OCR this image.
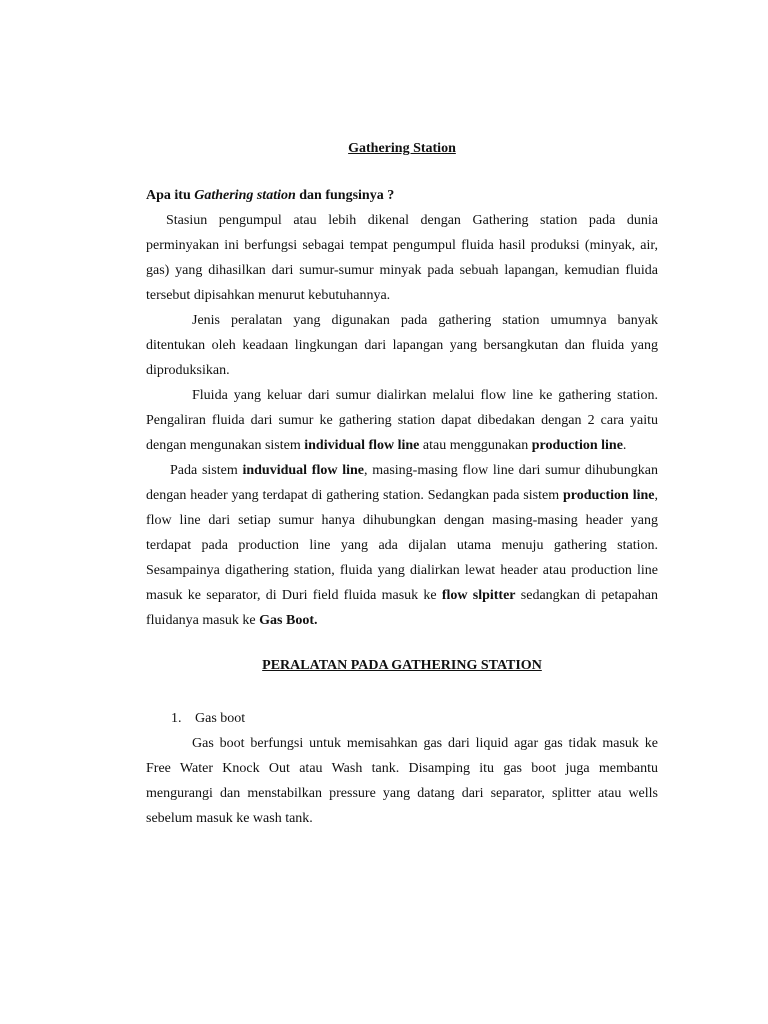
Gathering Station
Apa itu Gathering station dan fungsinya ?

Stasiun pengumpul atau lebih dikenal dengan Gathering station pada dunia perminyakan ini berfungsi sebagai tempat pengumpul fluida hasil produksi (minyak, air, gas) yang dihasilkan dari sumur-sumur minyak pada sebuah lapangan, kemudian fluida tersebut dipisahkan menurut kebutuhannya.

Jenis peralatan yang digunakan pada gathering station umumnya banyak ditentukan oleh keadaan lingkungan dari lapangan yang bersangkutan dan fluida yang diproduksikan.

Fluida yang keluar dari sumur dialirkan melalui flow line ke gathering station. Pengaliran fluida dari sumur ke gathering station dapat dibedakan dengan 2 cara yaitu dengan mengunakan sistem individual flow line atau menggunakan production line.

Pada sistem induvidual flow line, masing-masing flow line dari sumur dihubungkan dengan header yang terdapat di gathering station. Sedangkan pada sistem production line, flow line dari setiap sumur hanya dihubungkan dengan masing-masing header yang terdapat pada production line yang ada dijalan utama menuju gathering station. Sesampainya digathering station, fluida yang dialirkan lewat header atau production line masuk ke separator, di Duri field fluida masuk ke flow slpitter sedangkan di petapahan fluidanya masuk ke Gas Boot.

PERALATAN PADA GATHERING STATION
1. Gas boot

Gas boot berfungsi untuk memisahkan gas dari liquid agar gas tidak masuk ke Free Water Knock Out atau Wash tank. Disamping itu gas boot juga membantu mengurangi dan menstabilkan pressure yang datang dari separator, splitter atau wells sebelum masuk ke wash tank.
